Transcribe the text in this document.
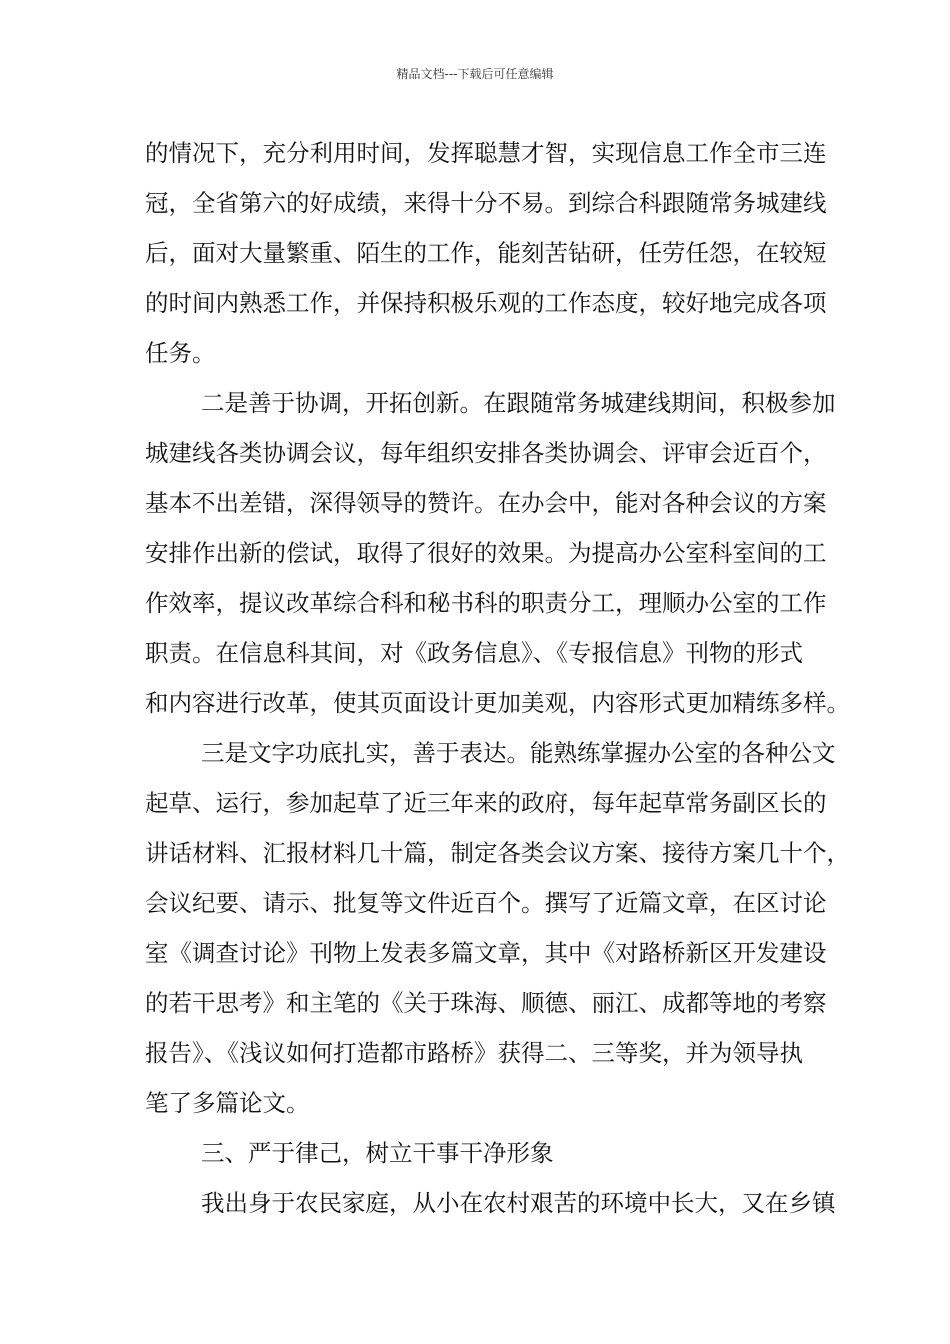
精品文档---下载后可任意编辑
的情况下，充分利用时间，发挥聪慧才智，实现信息工作全市三连
冠，全省第六的好成绩，来得十分不易。到综合科跟随常务城建线
后，面对大量繁重、陌生的工作，能刻苦钻研，任劳任怨，在较短
的时间内熟悉工作，并保持积极乐观的工作态度，较好地完成各项
任务。
二是善于协调，开拓创新。在跟随常务城建线期间，积极参加
城建线各类协调会议，每年组织安排各类协调会、评审会近百个，
基本不出差错，深得领导的赞许。在办会中，能对各种会议的方案
安排作出新的偿试，取得了很好的效果。为提高办公室科室间的工
作效率，提议改革综合科和秘书科的职责分工，理顺办公室的工作
职责。在信息科其间，对《政务信息》、《专报信息》刊物的形式
和内容进行改革，使其页面设计更加美观，内容形式更加精练多样。
三是文字功底扎实，善于表达。能熟练掌握办公室的各种公文
起草、运行，参加起草了近三年来的政府，每年起草常务副区长的
讲话材料、汇报材料几十篇，制定各类会议方案、接待方案几十个，
会议纪要、请示、批复等文件近百个。撰写了近篇文章，在区讨论
室《调查讨论》刊物上发表多篇文章，其中《对路桥新区开发建设
的若干思考》和主笔的《关于珠海、顺德、丽江、成都等地的考察
报告》、《浅议如何打造都市路桥》获得二、三等奖，并为领导执
笔了多篇论文。
三、严于律己，树立干事干净形象
我出身于农民家庭，从小在农村艰苦的环境中长大，又在乡镇
